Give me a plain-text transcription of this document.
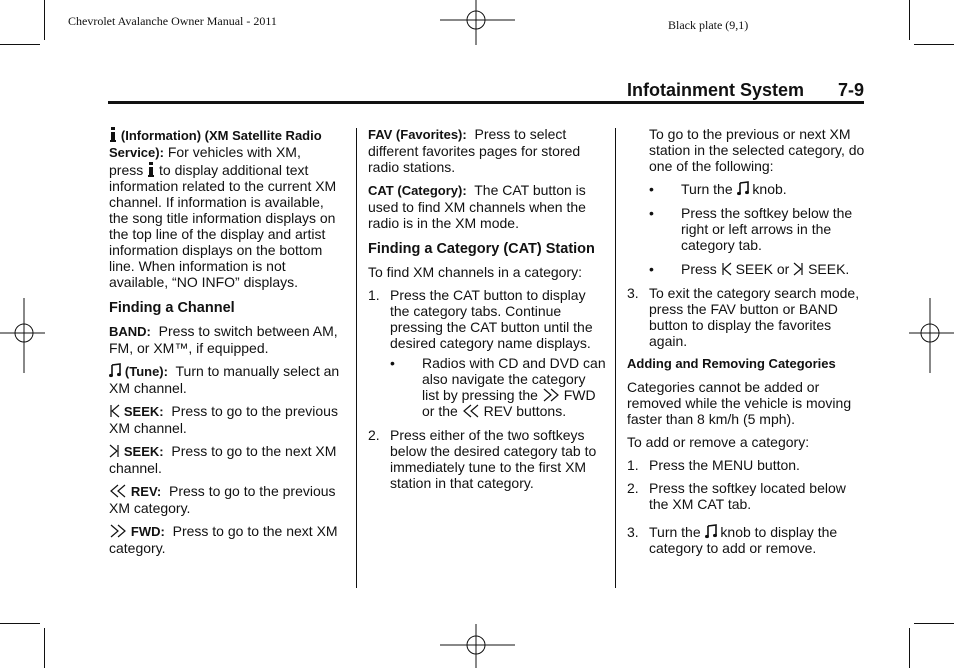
Chevrolet Avalanche Owner Manual - 2011	Black plate (9,1)
Infotainment System 7-9

(Information) (XM Satellite Radio Service): For vehicles with XM,
press to display additional text information related to the current XM channel. If information is available, the song title information displays on the top line of the display and artist information displays on the bottom line. When information is not available, “NO INFO” displays.

Finding a Channel

BAND: Press to switch between AM, FM, or XM™, if equipped.

(Tune): Turn to manually select an XM channel.

SEEK: Press to go to the previous XM channel.

SEEK: Press to go to the next XM channel.

REV: Press to go to the previous XM category.

FWD: Press to go to the next XM category.

FAV (Favorites): Press to select different favorites pages for stored radio stations.

CAT (Category): The CAT button is used to find XM channels when the radio is in the XM mode.

Finding a Category (CAT) Station

To find XM channels in a category:

1. Press the CAT button to display the category tabs. Continue pressing the CAT button until the desired category name displays.
• Radios with CD and DVD can also navigate the category list by pressing the FWD or the REV buttons.
2. Press either of the two softkeys below the desired category tab to immediately tune to the first XM station in that category.

To go to the previous or next XM station in the selected category, do one of the following:

• Turn the knob.
• Press the softkey below the right or left arrows in the category tab.
• Press SEEK or SEEK.
3. To exit the category search mode, press the FAV button or BAND button to display the favorites again.
Adding and Removing Categories

Categories cannot be added or removed while the vehicle is moving faster than 8 km/h (5 mph).

To add or remove a category:

1. Press the MENU button.
2. Press the softkey located below the XM CAT tab.
3. Turn the knob to display the category to add or remove.
